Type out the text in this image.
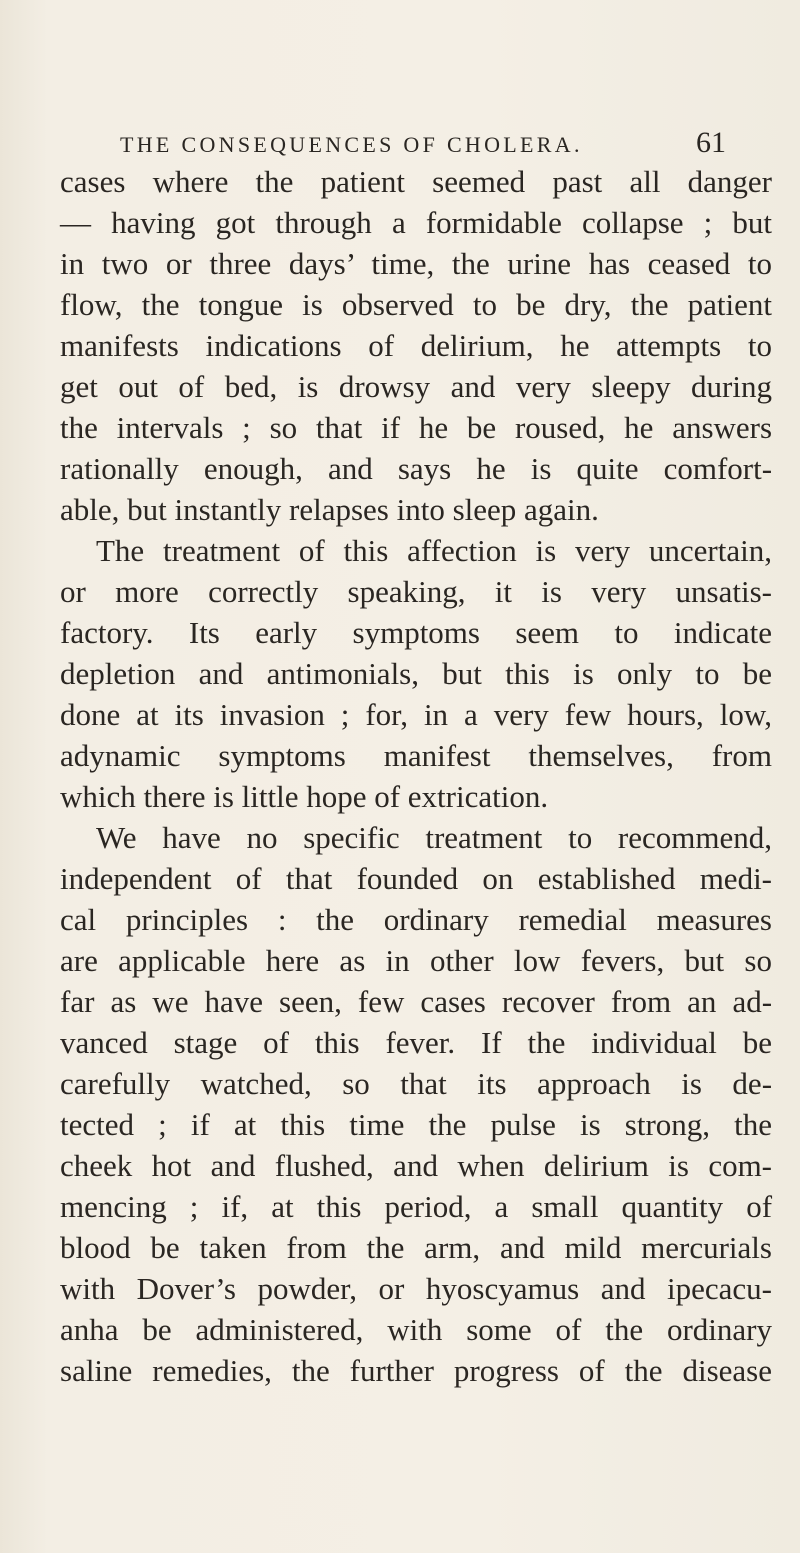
THE CONSEQUENCES OF CHOLERA.	61
cases where the patient seemed past all danger
— having got through a formidable collapse ; but
in two or three days’ time, the urine has ceased to
flow, the tongue is observed to be dry, the patient
manifests indications of delirium, he attempts to
get out of bed, is drowsy and very sleepy during
the intervals ; so that if he be roused, he answers
rationally enough, and says he is quite comfort-
able, but instantly relapses into sleep again.
The treatment of this affection is very uncertain,
or more correctly speaking, it is very unsatis-
factory. Its early symptoms seem to indicate
depletion and antimonials, but this is only to be
done at its invasion ; for, in a very few hours, low,
adynamic symptoms manifest themselves, from
which there is little hope of extrication.
We have no specific treatment to recommend,
independent of that founded on established medi-
cal principles : the ordinary remedial measures
are applicable here as in other low fevers, but so
far as we have seen, few cases recover from an ad-
vanced stage of this fever. If the individual be
carefully watched, so that its approach is de-
tected ; if at this time the pulse is strong, the
cheek hot and flushed, and when delirium is com-
mencing ; if, at this period, a small quantity of
blood be taken from the arm, and mild mercurials
with Dover’s powder, or hyoscyamus and ipecacu-
anha be administered, with some of the ordinary
saline remedies, the further progress of the disease
